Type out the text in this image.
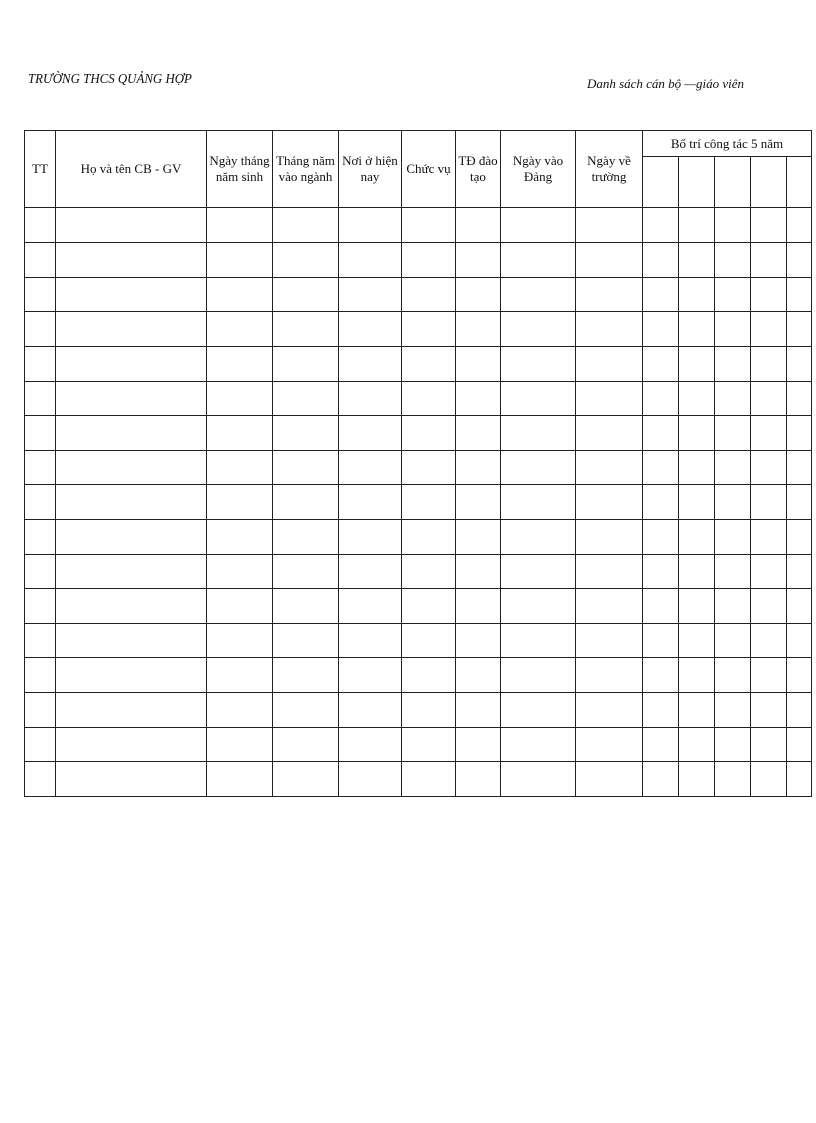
TRƯỜNG THCS QUẢNG HỢP	Danh sách cán bộ —giáo viên

TT	Họ và tên CB - GV	Ngày tháng năm sinh	Tháng năm vào ngành	Nơi ở hiện nay	Chức vụ	TĐ đào tạo	Ngày vào Đảng	Ngày về trường	Bố trí công tác 5 năm				
